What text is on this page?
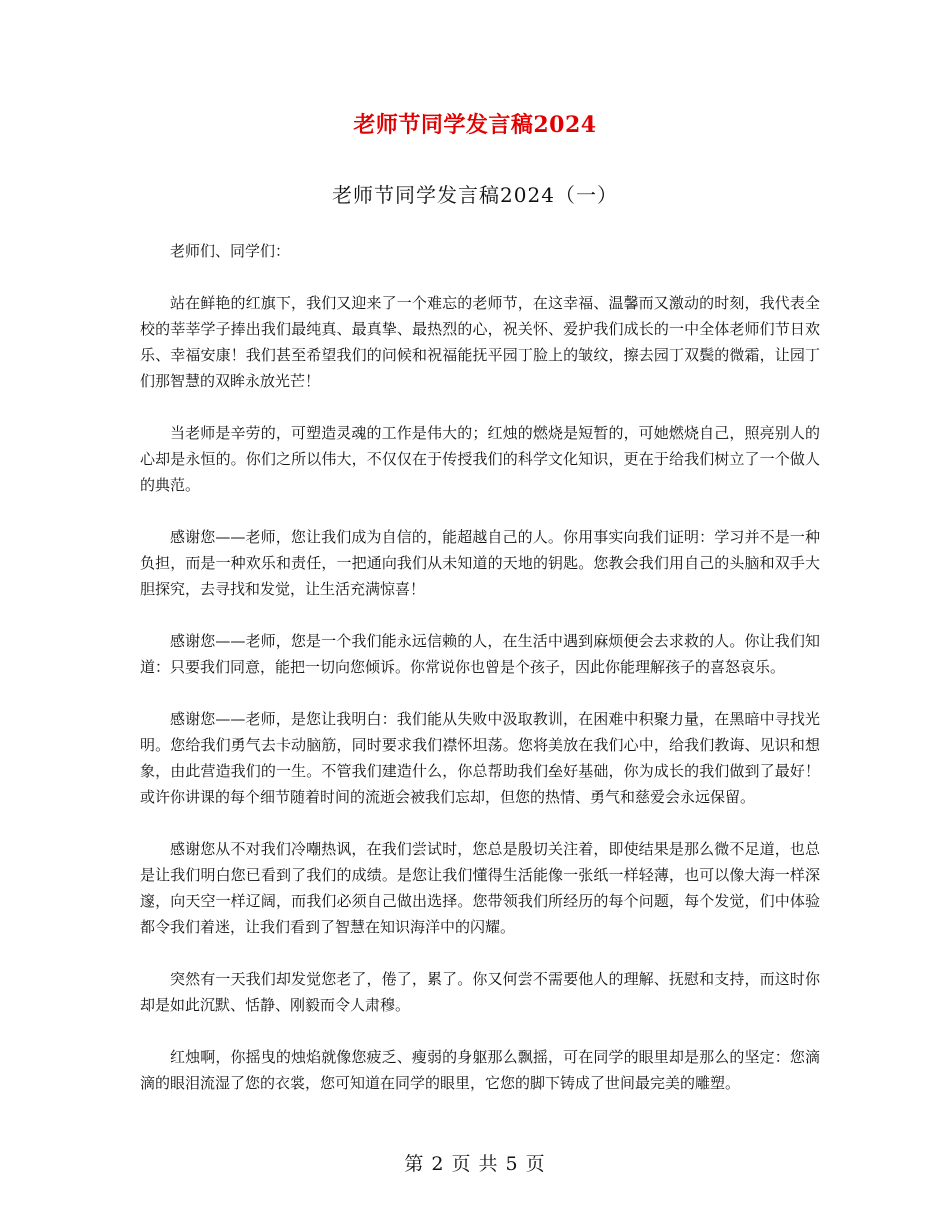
老师节同学发言稿2024
老师节同学发言稿2024（一）

老师们、同学们：

站在鲜艳的红旗下，我们又迎来了一个难忘的老师节，在这幸福、温馨而又激动的时刻，我代表全校的莘莘学子捧出我们最纯真、最真挚、最热烈的心，祝关怀、爱护我们成长的一中全体老师们节日欢乐、幸福安康！我们甚至希望我们的问候和祝福能抚平园丁脸上的皱纹，擦去园丁双鬓的微霜，让园丁们那智慧的双眸永放光芒！

当老师是辛劳的，可塑造灵魂的工作是伟大的；红烛的燃烧是短暂的，可她燃烧自己，照亮别人的心却是永恒的。你们之所以伟大，不仅仅在于传授我们的科学文化知识，更在于给我们树立了一个做人的典范。

感谢您——老师，您让我们成为自信的，能超越自己的人。你用事实向我们证明：学习并不是一种负担，而是一种欢乐和责任，一把通向我们从未知道的天地的钥匙。您教会我们用自己的头脑和双手大胆探究，去寻找和发觉，让生活充满惊喜！

感谢您——老师，您是一个我们能永远信赖的人，在生活中遇到麻烦便会去求救的人。你让我们知道：只要我们同意，能把一切向您倾诉。你常说你也曾是个孩子，因此你能理解孩子的喜怒哀乐。

感谢您——老师，是您让我明白：我们能从失败中汲取教训，在困难中积聚力量，在黑暗中寻找光明。您给我们勇气去卡动脑筋，同时要求我们襟怀坦荡。您将美放在我们心中，给我们教诲、见识和想象，由此营造我们的一生。不管我们建造什么，你总帮助我们垒好基础，你为成长的我们做到了最好！或许你讲课的每个细节随着时间的流逝会被我们忘却，但您的热情、勇气和慈爱会永远保留。

感谢您从不对我们冷嘲热讽，在我们尝试时，您总是殷切关注着，即使结果是那么微不足道，也总是让我们明白您已看到了我们的成绩。是您让我们懂得生活能像一张纸一样轻薄，也可以像大海一样深邃，向天空一样辽阔，而我们必须自己做出选择。您带领我们所经历的每个问题，每个发觉，们中体验都令我们着迷，让我们看到了智慧在知识海洋中的闪耀。

突然有一天我们却发觉您老了，倦了，累了。你又何尝不需要他人的理解、抚慰和支持，而这时你却是如此沉默、恬静、刚毅而令人肃穆。

红烛啊，你摇曳的烛焰就像您疲乏、瘦弱的身躯那么飘摇，可在同学的眼里却是那么的坚定：您滴滴的眼泪流湿了您的衣裳，您可知道在同学的眼里，它您的脚下铸成了世间最完美的雕塑。

第 2 页 共 5 页
